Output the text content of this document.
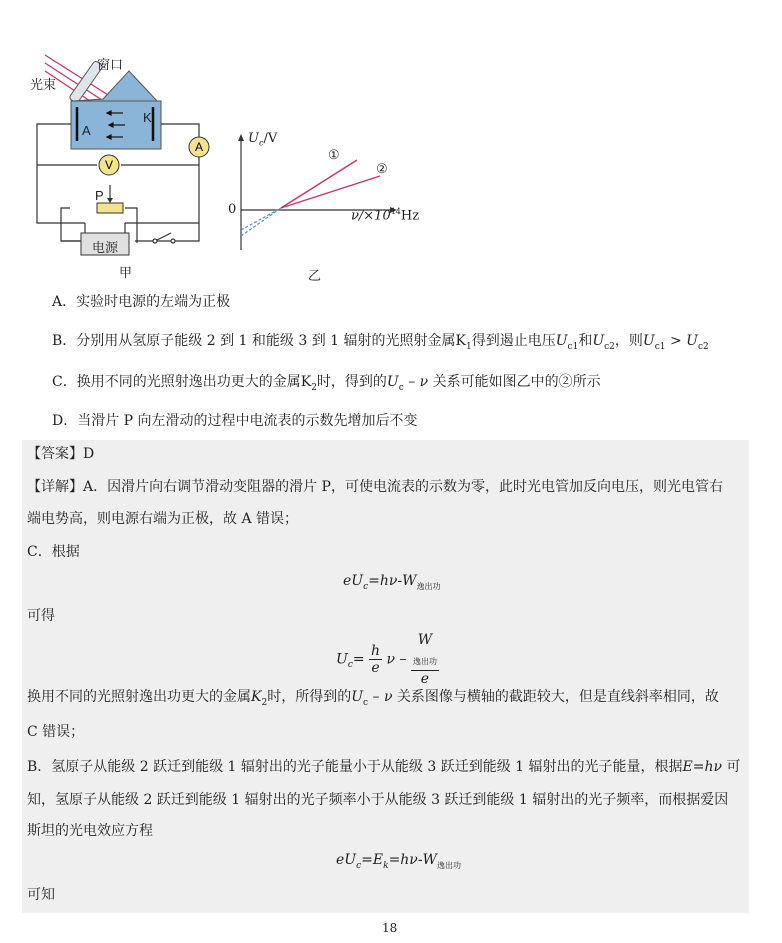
A
V
光束
窗口
A
K
P
电源
甲
$U_c/V$
0	$\nu/\times 10^{14}Hz$
①
②
乙
A．实验时电源的左端为正极
B．分别用从氢原子能级 2 到 1 和能级 3 到 1 辐射的光照射金属$K_1$得到遏止电压$U_{c1}$和$U_{c2}$，则$U_{c1} > U_{c2}$
C．换用不同的光照射逸出功更大的金属$K_2$时，得到的$U_c$ – ν 关系可能如图乙中的②所示
D．当滑片 P 向左滑动的过程中电流表的示数先增加后不变
【答案】D
【详解】A．因滑片向右调节滑动变阻器的滑片 P，可使电流表的示数为零，此时光电管加反向电压，则光电管右
端电势高，则电源右端为正极，故 A 错误；
C．根据
$eU_c=h\nu-W_{逸出功}$
可得
$U_c= \frac{h}{e}$ ν – W
$_{逸出功}$
e
换用不同的光照射逸出功更大的金属$K_2$时，所得到的$U_c$ – ν 关系图像与横轴的截距较大，但是直线斜率相同，故
C 错误；
B．氢原子从能级 2 跃迁到能级 1 辐射出的光子能量小于从能级 3 跃迁到能级 1 辐射出的光子能量，根据E=hν 可
知，氢原子从能级 2 跃迁到能级 1 辐射出的光子频率小于从能级 3 跃迁到能级 1 辐射出的光子频率，而根据爱因
斯坦的光电效应方程
$eU_c=E_k=h\nu-W_{逸出功}$
可知
18
